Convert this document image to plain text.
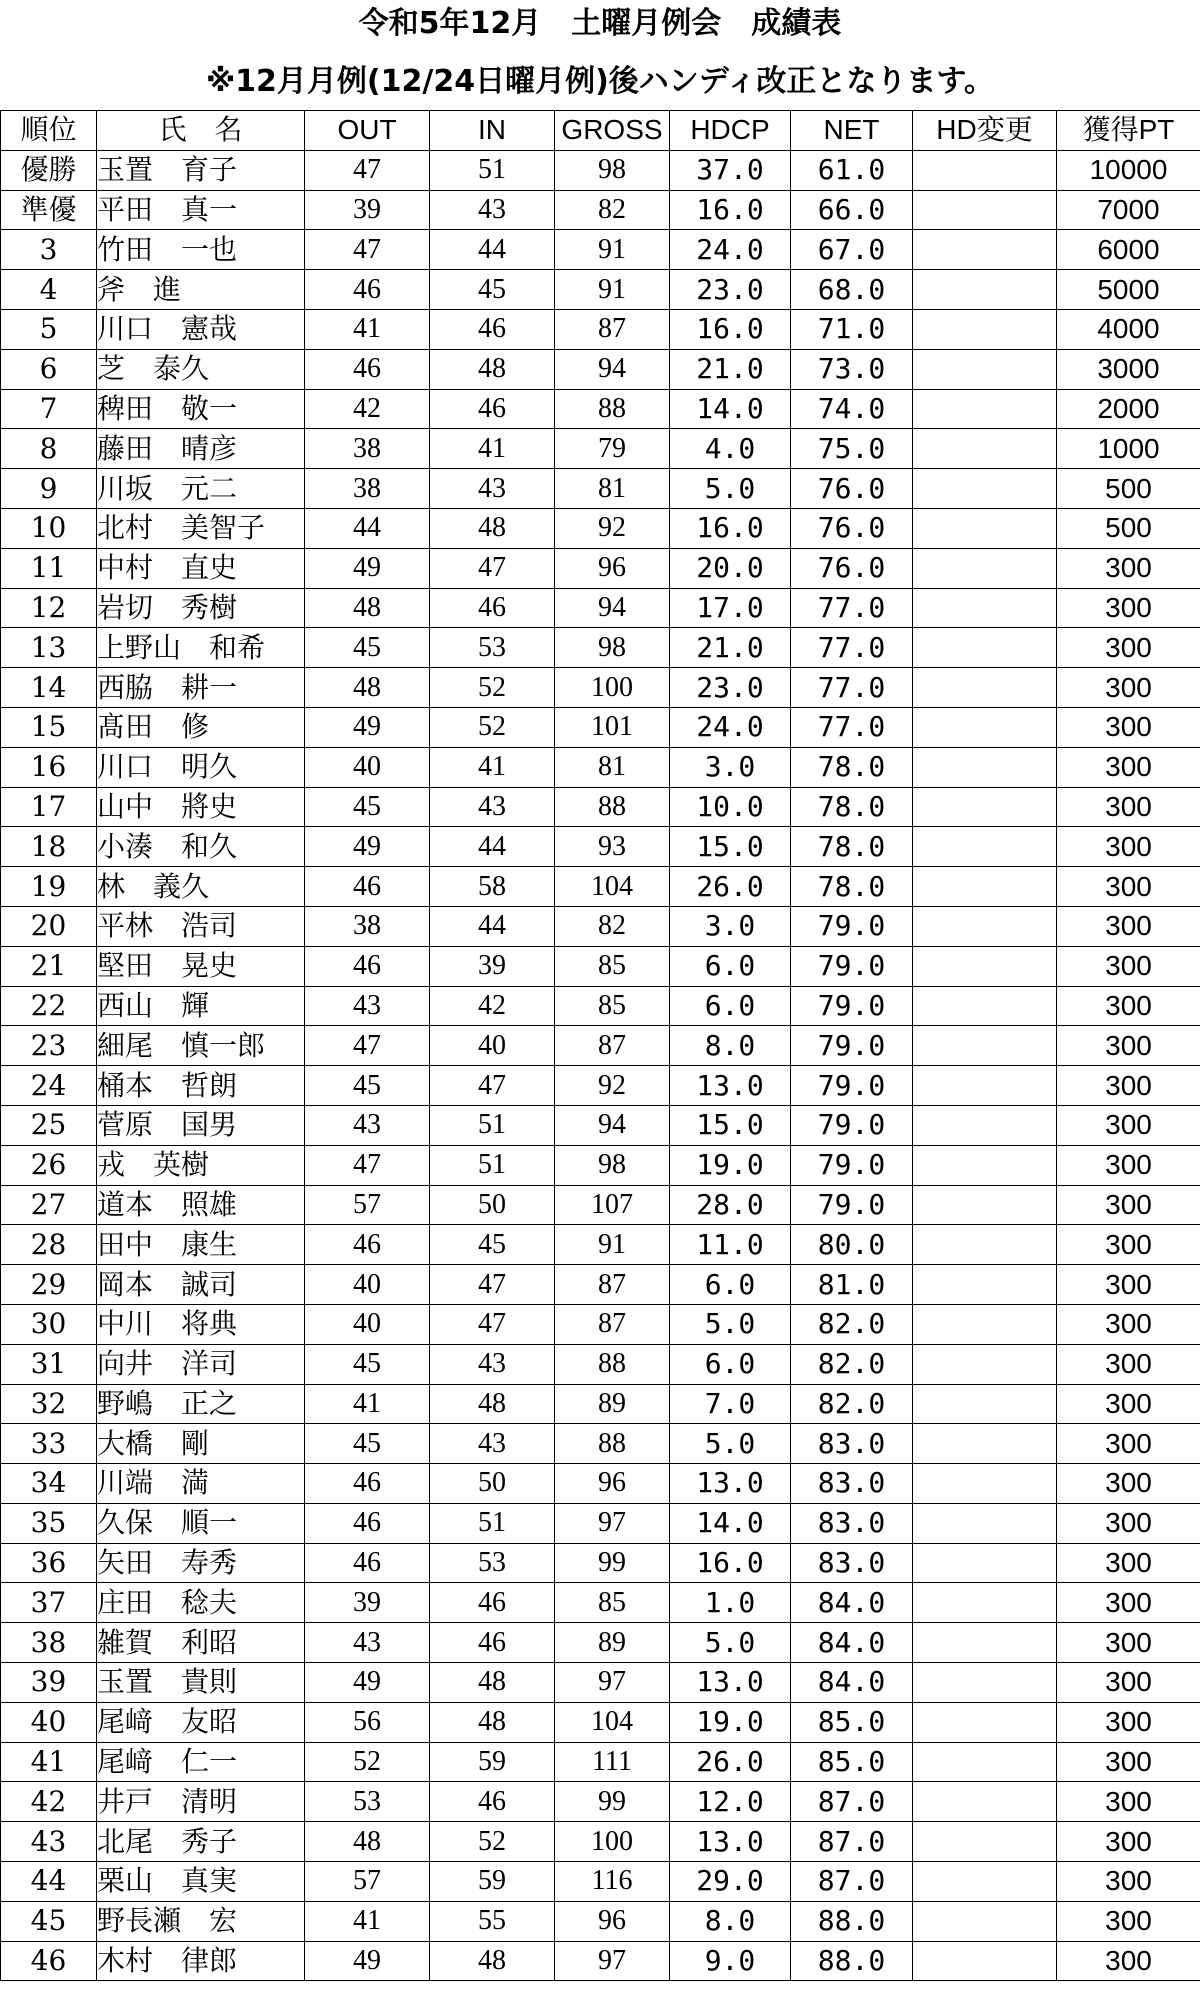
令和5年12月　土曜月例会　成績表
※12月月例(12/24日曜月例)後ハンディ改正となります。
順位	氏　名	OUT	IN	GROSS	HDCP	NET	HD変更	獲得PT
優勝	玉置　育子	47	51	98	37.0	61.0		10000
準優	平田　真一	39	43	82	16.0	66.0		7000
3	竹田　一也	47	44	91	24.0	67.0		6000
4	斧　進	46	45	91	23.0	68.0		5000
5	川口　憲哉	41	46	87	16.0	71.0		4000
6	芝　泰久	46	48	94	21.0	73.0		3000
7	稗田　敬一	42	46	88	14.0	74.0		2000
8	藤田　晴彦	38	41	79	4.0	75.0		1000
9	川坂　元二	38	43	81	5.0	76.0		500
10	北村　美智子	44	48	92	16.0	76.0		500
11	中村　直史	49	47	96	20.0	76.0		300
12	岩切　秀樹	48	46	94	17.0	77.0		300
13	上野山　和希	45	53	98	21.0	77.0		300
14	西脇　耕一	48	52	100	23.0	77.0		300
15	髙田　修	49	52	101	24.0	77.0		300
16	川口　明久	40	41	81	3.0	78.0		300
17	山中　將史	45	43	88	10.0	78.0		300
18	小湊　和久	49	44	93	15.0	78.0		300
19	林　義久	46	58	104	26.0	78.0		300
20	平林　浩司	38	44	82	3.0	79.0		300
21	堅田　晃史	46	39	85	6.0	79.0		300
22	西山　輝	43	42	85	6.0	79.0		300
23	細尾　慎一郎	47	40	87	8.0	79.0		300
24	桶本　哲朗	45	47	92	13.0	79.0		300
25	菅原　国男	43	51	94	15.0	79.0		300
26	戎　英樹	47	51	98	19.0	79.0		300
27	道本　照雄	57	50	107	28.0	79.0		300
28	田中　康生	46	45	91	11.0	80.0		300
29	岡本　誠司	40	47	87	6.0	81.0		300
30	中川　将典	40	47	87	5.0	82.0		300
31	向井　洋司	45	43	88	6.0	82.0		300
32	野嶋　正之	41	48	89	7.0	82.0		300
33	大橋　剛	45	43	88	5.0	83.0		300
34	川端　満	46	50	96	13.0	83.0		300
35	久保　順一	46	51	97	14.0	83.0		300
36	矢田　寿秀	46	53	99	16.0	83.0		300
37	庄田　稔夫	39	46	85	1.0	84.0		300
38	雑賀　利昭	43	46	89	5.0	84.0		300
39	玉置　貴則	49	48	97	13.0	84.0		300
40	尾﨑　友昭	56	48	104	19.0	85.0		300
41	尾﨑　仁一	52	59	111	26.0	85.0		300
42	井戸　清明	53	46	99	12.0	87.0		300
43	北尾　秀子	48	52	100	13.0	87.0		300
44	栗山　真実	57	59	116	29.0	87.0		300
45	野長瀬　宏	41	55	96	8.0	88.0		300
46	木村　律郎	49	48	97	9.0	88.0		300
